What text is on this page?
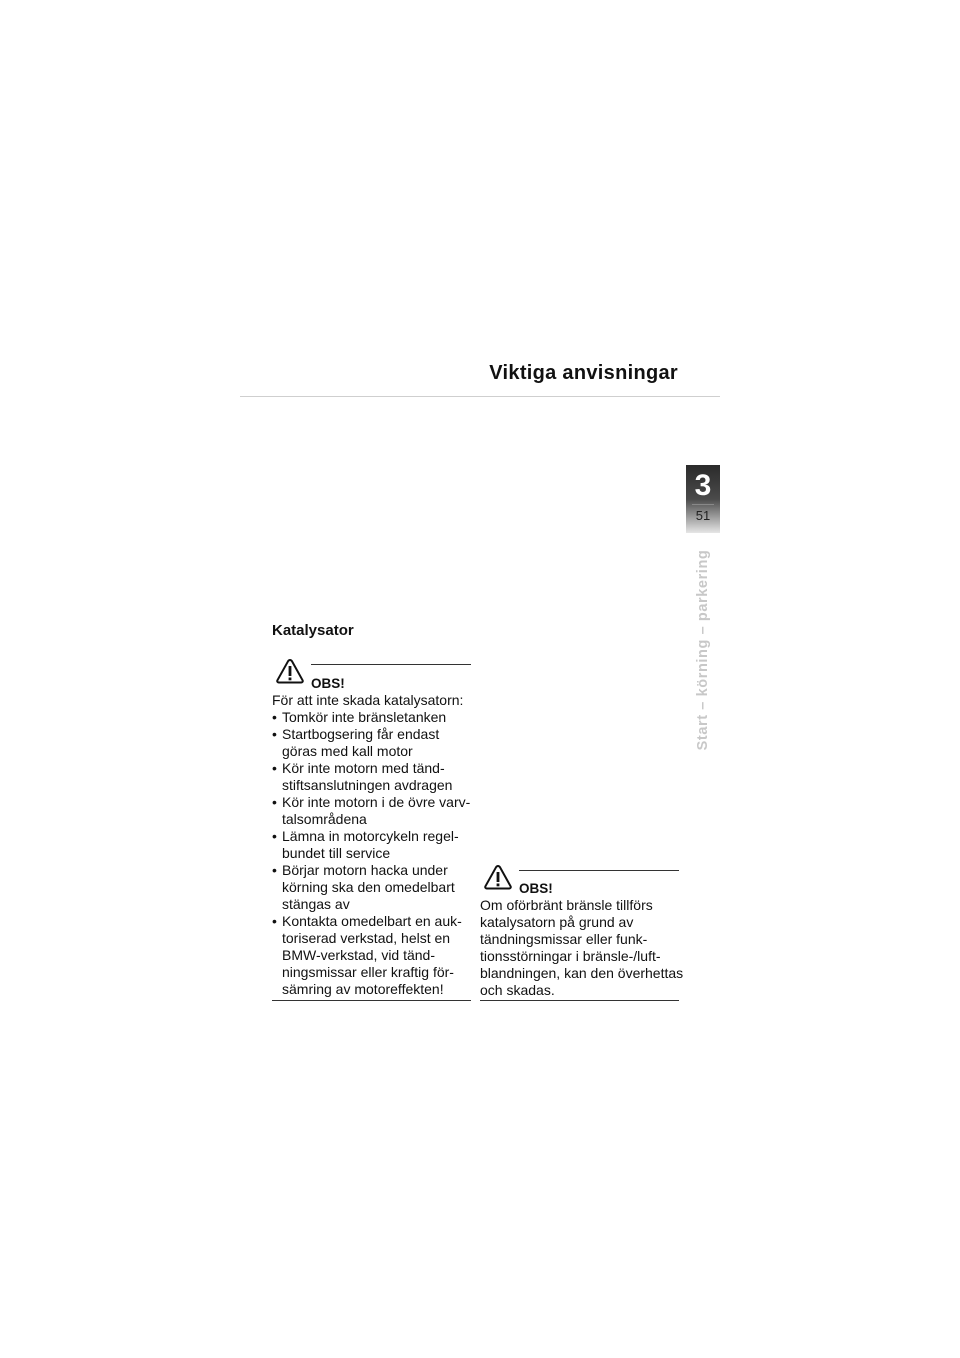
Viktiga anvisningar
3
51
Start – körning – parkering
Katalysator
OBS!
För att inte skada katalysatorn:
• Tomkör inte bränsletanken
• Startbogsering får endast göras med kall motor
• Kör inte motorn med tändstiftsanslutningen avdragen
• Kör inte motorn i de övre varvtalsområdena
• Lämna in motorcykeln regelbundet till service
• Börjar motorn hacka under körning ska den omedelbart stängas av
• Kontakta omedelbart en auktoriserad verkstad, helst en BMW-verkstad, vid tändningsmissar eller kraftig försämring av motoreffekten!
OBS!
Om oförbränt bränsle tillförs katalysatorn på grund av tändningsmissar eller funktionsstörningar i bränsle-/luftblandningen, kan den överhettas och skadas.
